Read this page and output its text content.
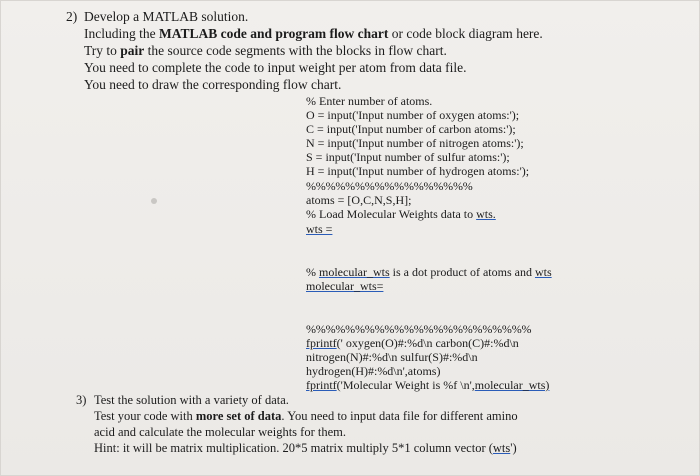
2) Develop a MATLAB solution.
Including the MATLAB code and program flow chart or code block diagram here.
Try to pair the source code segments with the blocks in flow chart.
You need to complete the code to input weight per atom from data file.
You need to draw the corresponding flow chart.
% Enter number of atoms.
O = input('Input number of oxygen atoms:');
C = input('Input number of carbon atoms:');
N = input('Input number of nitrogen atoms:');
S = input('Input number of sulfur atoms:');
H = input('Input number of hydrogen atoms:');
%%%%%%%%%%%%%%%%%
atoms = [O,C,N,S,H];
% Load Molecular Weights data to wts.
wts =
% molecular_wts is a dot product of atoms and wts
molecular_wts=
%%%%%%%%%%%%%%%%%%%%%%%
fprintf(' oxygen(O)#:%d\n carbon(C)#:%d\n
nitrogen(N)#:%d\n sulfur(S)#:%d\n
hydrogen(H)#:%d\n',atoms)
fprintf('Molecular Weight is %f \n',molecular_wts)
3) Test the solution with a variety of data.
Test your code with more set of data. You need to input data file for different amino
acid and calculate the molecular weights for them.
Hint: it will be matrix multiplication. 20*5 matrix multiply 5*1 column vector (wts')
